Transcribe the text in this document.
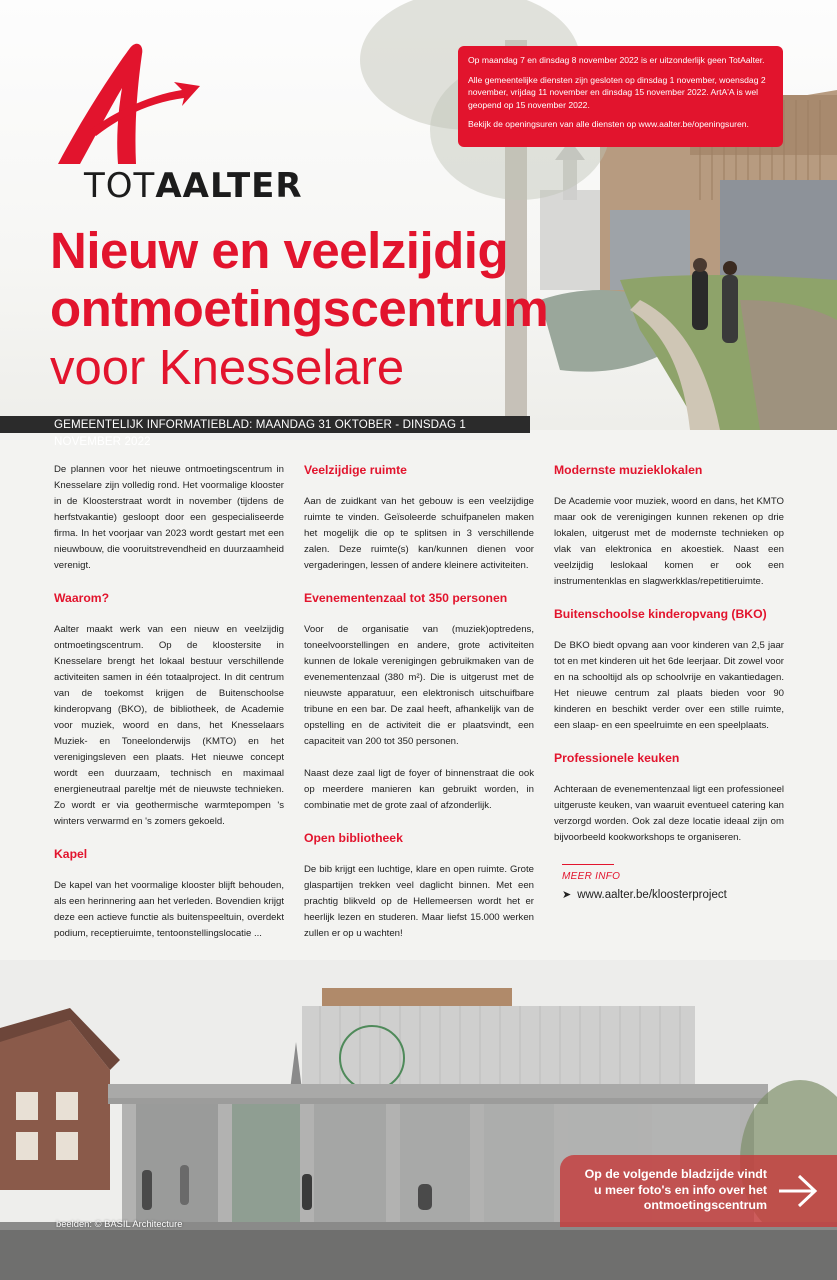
TOTAALTER

Op maandag 7 en dinsdag 8 november 2022 is er uitzonderlijk geen TotAalter.

Alle gemeentelijke diensten zijn gesloten op dinsdag 1 november, woensdag 2 november, vrijdag 11 november en dinsdag 15 november 2022. ArtA'A is wel geopend op 15 november 2022.

Bekijk de openingsuren van alle diensten op www.aalter.be/openingsuren.

Nieuw en veelzijdig
ontmoetingscentrum
voor Knesselare
GEMEENTELIJK INFORMATIEBLAD: MAANDAG 31 OKTOBER - DINSDAG 1 NOVEMBER 2022

De plannen voor het nieuwe ontmoetingscentrum in Knesselare zijn volledig rond. Het voormalige klooster in de Kloosterstraat wordt in november (tijdens de herfstvakantie) gesloopt door een gespecialiseerde firma. In het voorjaar van 2023 wordt gestart met een nieuwbouw, die vooruitstrevendheid en duurzaamheid verenigt.

Waarom?

Aalter maakt werk van een nieuw en veelzijdig ontmoetingscentrum. Op de kloostersite in Knesselare brengt het lokaal bestuur verschillende activiteiten samen in één totaalproject. In dit centrum van de toekomst krijgen de Buitenschoolse kinderopvang (BKO), de bibliotheek, de Academie voor muziek, woord en dans, het Knesselaars Muziek- en Toneelonderwijs (KMTO) en het verenigingsleven een plaats. Het nieuwe concept wordt een duurzaam, technisch en maximaal energieneutraal pareltje mét de nieuwste technieken. Zo wordt er via geothermische warmtepompen 's winters verwarmd en 's zomers gekoeld.

Kapel

De kapel van het voormalige klooster blijft behouden, als een herinnering aan het verleden. Bovendien krijgt deze een actieve functie als buitenspeeltuin, overdekt podium, receptieruimte, tentoonstellingslocatie ...

Veelzijdige ruimte

Aan de zuidkant van het gebouw is een veelzijdige ruimte te vinden. Geïsoleerde schuifpanelen maken het mogelijk die op te splitsen in 3 verschillende zalen. Deze ruimte(s) kan/kunnen dienen voor vergaderingen, lessen of andere kleinere activiteiten.

Evenementenzaal tot 350 personen

Voor de organisatie van (muziek)optredens, toneelvoorstellingen en andere, grote activiteiten kunnen de lokale verenigingen gebruikmaken van de evenementenzaal (380 m²). Die is uitgerust met de nieuwste apparatuur, een elektronisch uitschuifbare tribune en een bar. De zaal heeft, afhankelijk van de opstelling en de activiteit die er plaatsvindt, een capaciteit van 200 tot 350 personen.

Naast deze zaal ligt de foyer of binnenstraat die ook op meerdere manieren kan gebruikt worden, in combinatie met de grote zaal of afzonderlijk.

Open bibliotheek

De bib krijgt een luchtige, klare en open ruimte. Grote glaspartijen trekken veel daglicht binnen. Met een prachtig blikveld op de Hellemeersen wordt het er heerlijk lezen en studeren. Maar liefst 15.000 werken zullen er op u wachten!

Modernste muzieklokalen

De Academie voor muziek, woord en dans, het KMTO maar ook de verenigingen kunnen rekenen op drie lokalen, uitgerust met de modernste technieken op vlak van elektronica en akoestiek. Naast een veelzijdig leslokaal komen er ook een instrumentenklas en slagwerkklas/repetitieruimte.

Buitenschoolse kinderopvang (BKO)

De BKO biedt opvang aan voor kinderen van 2,5 jaar tot en met kinderen uit het 6de leerjaar. Dit zowel voor en na schooltijd als op schoolvrije en vakantiedagen. Het nieuwe centrum zal plaats bieden voor 90 kinderen en beschikt verder over een stille ruimte, een slaap- en een speelruimte en een speelplaats.

Professionele keuken

Achteraan de evenementenzaal ligt een professioneel uitgeruste keuken, van waaruit eventueel catering kan verzorgd worden. Ook zal deze locatie ideaal zijn om bijvoorbeeld kookworkshops te organiseren.

MEER INFO
➤ www.aalter.be/kloosterproject
beelden: © BASIL Architecture
Op de volgende bladzijde vindt
u meer foto's en info over het
ontmoetingscentrum
